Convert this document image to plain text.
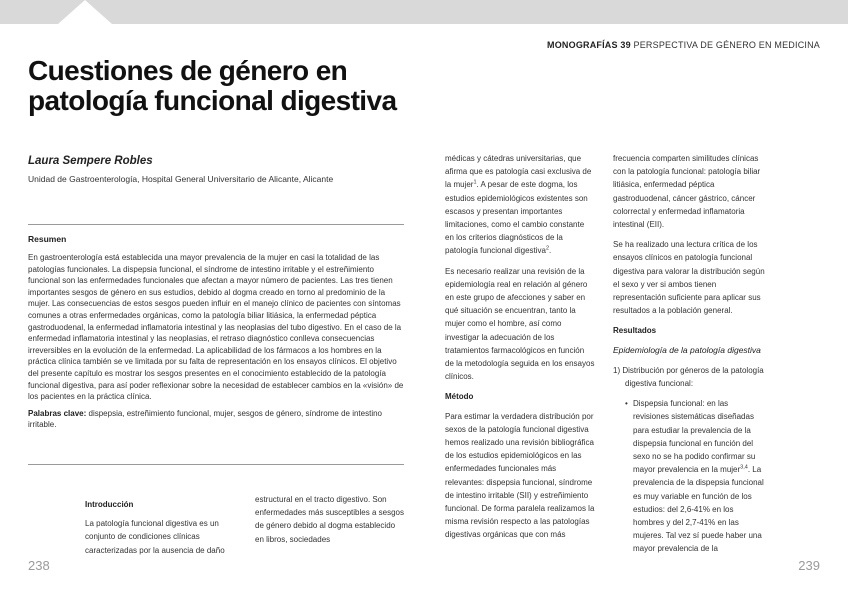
MONOGRAFÍAS 39 PERSPECTIVA DE GÉNERO EN MEDICINA
Cuestiones de género en patología funcional digestiva
Laura Sempere Robles
Unidad de Gastroenterología, Hospital General Universitario de Alicante, Alicante
Resumen

En gastroenterología está establecida una mayor prevalencia de la mujer en casi la totalidad de las patologías funcionales. La dispepsia funcional, el síndrome de intestino irritable y el estreñimiento funcional son las enfermedades funcionales que afectan a mayor número de pacientes. Las tres tienen importantes sesgos de género en sus estudios, debido al dogma creado en torno al predominio de la mujer. Las consecuencias de estos sesgos pueden influir en el manejo clínico de pacientes con síntomas comunes a otras enfermedades orgánicas, como la patología biliar litiásica, la enfermedad péptica gastroduodenal, la enfermedad inflamatoria intestinal y las neoplasias del tubo digestivo. En el caso de la enfermedad inflamatoria intestinal y las neoplasias, el retraso diagnóstico conlleva consecuencias irreversibles en la evolución de la enfermedad. La aplicabilidad de los fármacos a los hombres en la práctica clínica también se ve limitada por su falta de representación en los ensayos clínicos. El objetivo del presente capítulo es mostrar los sesgos presentes en el conocimiento establecido de la patología funcional digestiva, para así poder reflexionar sobre la necesidad de establecer cambios en la «visión» de los pacientes en la práctica clínica.

Palabras clave: dispepsia, estreñimiento funcional, mujer, sesgos de género, síndrome de intestino irritable.

Introducción

La patología funcional digestiva es un conjunto de condiciones clínicas caracterizadas por la ausencia de daño

estructural en el tracto digestivo. Son enfermedades más susceptibles a sesgos de género debido al dogma establecido en libros, sociedades

médicas y cátedras universitarias, que afirma que es patología casi exclusiva de la mujer$^1$. A pesar de este dogma, los estudios epidemiológicos existentes son escasos y presentan importantes limitaciones, como el cambio constante en los criterios diagnósticos de la patología funcional digestiva$^2$.

Es necesario realizar una revisión de la epidemiología real en relación al género en este grupo de afecciones y saber en qué situación se encuentran, tanto la mujer como el hombre, así como investigar la adecuación de los tratamientos farmacológicos en función de la metodología seguida en los ensayos clínicos.

Método

Para estimar la verdadera distribución por sexos de la patología funcional digestiva hemos realizado una revisión bibliográfica de los estudios epidemiológicos en las enfermedades funcionales más relevantes: dispepsia funcional, síndrome de intestino irritable (SII) y estreñimiento funcional. De forma paralela realizamos la misma revisión respecto a las patologías digestivas orgánicas que con más

frecuencia comparten similitudes clínicas con la patología funcional: patología biliar litiásica, enfermedad péptica gastroduodenal, cáncer gástrico, cáncer colorrectal y enfermedad inflamatoria intestinal (EII).

Se ha realizado una lectura crítica de los ensayos clínicos en patología funcional digestiva para valorar la distribución según el sexo y ver si ambos tienen representación suficiente para aplicar sus resultados a la población general.

Resultados
Epidemiología de la patología digestiva

1) Distribución por géneros de la patología digestiva funcional:

• Dispepsia funcional: en las revisiones sistemáticas diseñadas para estudiar la prevalencia de la dispepsia funcional en función del sexo no se ha podido confirmar su mayor prevalencia en la mujer$^{3,4}$. La prevalencia de la dispepsia funcional es muy variable en función de los estudios: del 2,6-41% en los hombres y del 2,7-41% en las mujeres. Tal vez sí puede haber una mayor prevalencia de la

238	239
